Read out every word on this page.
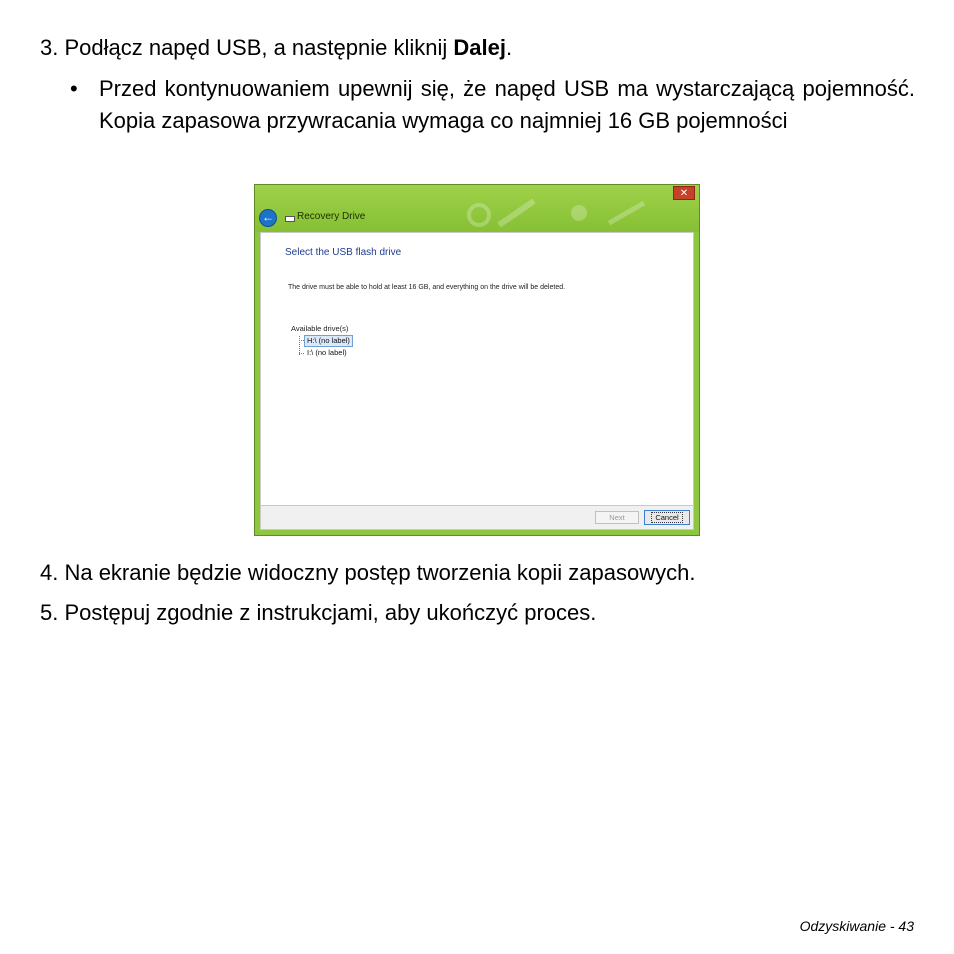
3. Podłącz napęd USB, a następnie kliknij Dalej.
• Przed kontynuowaniem upewnij się, że napęd USB ma wystarczającą pojemność. Kopia zapasowa przywracania wymaga co najmniej 16 GB pojemności
✕
←	Recovery Drive
Select the USB flash drive
The drive must be able to hold at least 16 GB, and everything on the drive will be deleted.
Available drive(s)
H:\ (no label)
I:\ (no label)
Next	Cancel
4. Na ekranie będzie widoczny postęp tworzenia kopii zapasowych.
5. Postępuj zgodnie z instrukcjami, aby ukończyć proces.
Odzyskiwanie - 43
